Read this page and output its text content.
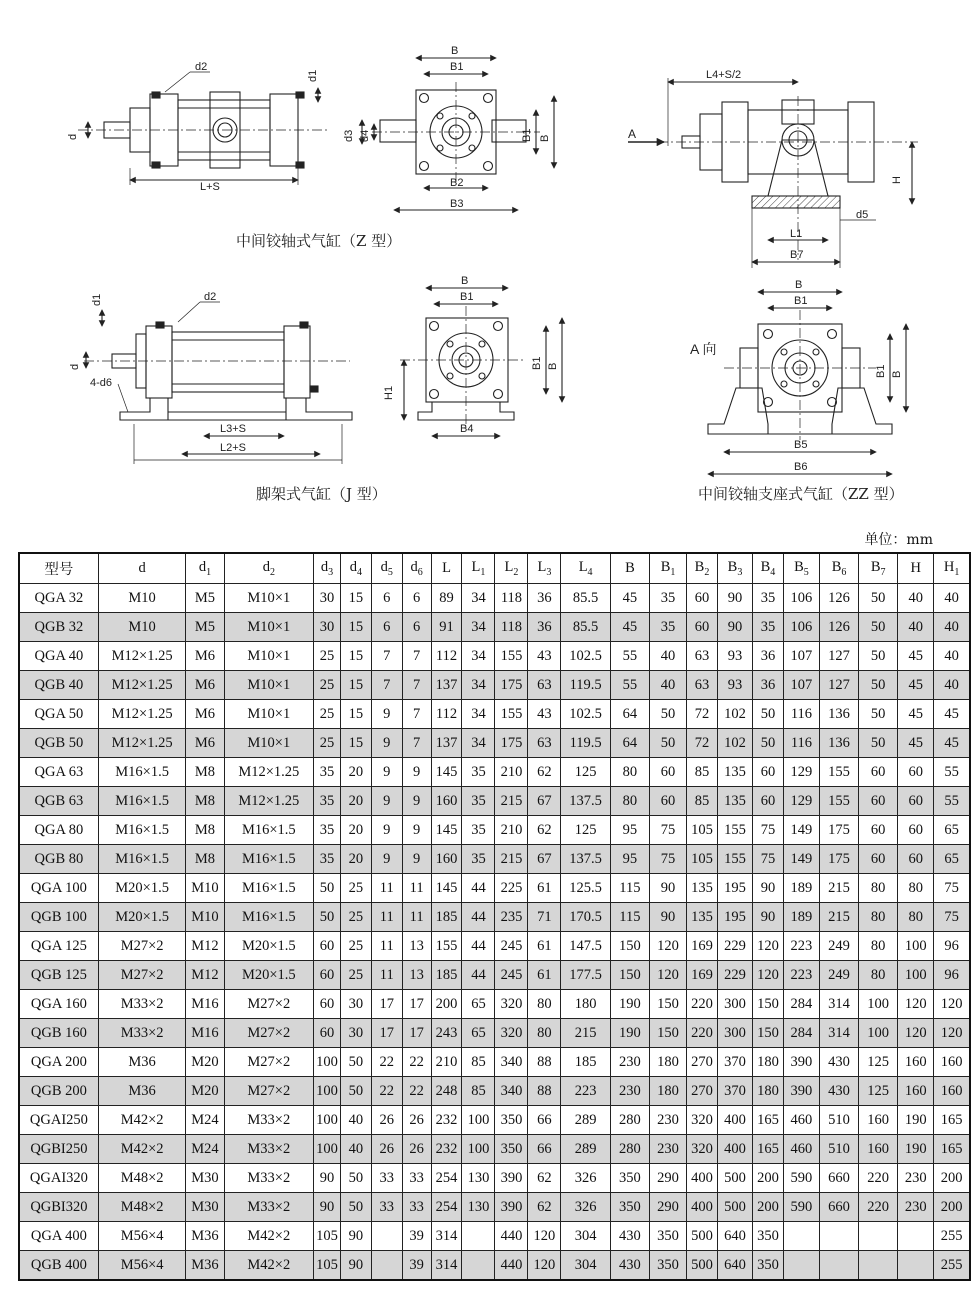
d2
d1
d
L+S
B
B1
B2
B3
B1 B
d3 d4
L4+S/2
A
H
d5
L1
B7
d2
d1
d
4-d6
L3+S
L2+S
B
B1
B4
B1 B
H1
B
B1
B5
B6
B1 B
A 向
中间铰轴式气缸（Z 型）
脚架式气缸（J 型）	中间铰轴支座式气缸（ZZ 型）
单位：mm
型号	d	$d_1$	$d_2$	$d_3$	$d_4$	$d_5$	$d_6$	L	$L_1$	$L_2$	$L_3$	$L_4$	B	$B_1$	$B_2$	$B_3$	$B_4$	$B_5$	$B_6$	$B_7$	H	$H_1$
QGA 32	M10	M5	M10×1	30	15	6	6	89	34	118	36	85.5	45	35	60	90	35	106	126	50	40	40
QGB 32	M10	M5	M10×1	30	15	6	6	91	34	118	36	85.5	45	35	60	90	35	106	126	50	40	40
QGA 40	M12×1.25	M6	M10×1	25	15	7	7	112	34	155	43	102.5	55	40	63	93	36	107	127	50	45	40
QGB 40	M12×1.25	M6	M10×1	25	15	7	7	137	34	175	63	119.5	55	40	63	93	36	107	127	50	45	40
QGA 50	M12×1.25	M6	M10×1	25	15	9	7	112	34	155	43	102.5	64	50	72	102	50	116	136	50	45	45
QGB 50	M12×1.25	M6	M10×1	25	15	9	7	137	34	175	63	119.5	64	50	72	102	50	116	136	50	45	45
QGA 63	M16×1.5	M8	M12×1.25	35	20	9	9	145	35	210	62	125	80	60	85	135	60	129	155	60	60	55
QGB 63	M16×1.5	M8	M12×1.25	35	20	9	9	160	35	215	67	137.5	80	60	85	135	60	129	155	60	60	55
QGA 80	M16×1.5	M8	M16×1.5	35	20	9	9	145	35	210	62	125	95	75	105	155	75	149	175	60	60	65
QGB 80	M16×1.5	M8	M16×1.5	35	20	9	9	160	35	215	67	137.5	95	75	105	155	75	149	175	60	60	65
QGA 100	M20×1.5	M10	M16×1.5	50	25	11	11	145	44	225	61	125.5	115	90	135	195	90	189	215	80	80	75
QGB 100	M20×1.5	M10	M16×1.5	50	25	11	11	185	44	235	71	170.5	115	90	135	195	90	189	215	80	80	75
QGA 125	M27×2	M12	M20×1.5	60	25	11	13	155	44	245	61	147.5	150	120	169	229	120	223	249	80	100	96
QGB 125	M27×2	M12	M20×1.5	60	25	11	13	185	44	245	61	177.5	150	120	169	229	120	223	249	80	100	96
QGA 160	M33×2	M16	M27×2	60	30	17	17	200	65	320	80	180	190	150	220	300	150	284	314	100	120	120
QGB 160	M33×2	M16	M27×2	60	30	17	17	243	65	320	80	215	190	150	220	300	150	284	314	100	120	120
QGA 200	M36	M20	M27×2	100	50	22	22	210	85	340	88	185	230	180	270	370	180	390	430	125	160	160
QGB 200	M36	M20	M27×2	100	50	22	22	248	85	340	88	223	230	180	270	370	180	390	430	125	160	160
QGAI250	M42×2	M24	M33×2	100	40	26	26	232	100	350	66	289	280	230	320	400	165	460	510	160	190	165
QGBI250	M42×2	M24	M33×2	100	40	26	26	232	100	350	66	289	280	230	320	400	165	460	510	160	190	165
QGAI320	M48×2	M30	M33×2	90	50	33	33	254	130	390	62	326	350	290	400	500	200	590	660	220	230	200
QGBI320	M48×2	M30	M33×2	90	50	33	33	254	130	390	62	326	350	290	400	500	200	590	660	220	230	200
QGA 400	M56×4	M36	M42×2	105	90		39	314		440	120	304	430	350	500	640	350					255
QGB 400	M56×4	M36	M42×2	105	90		39	314		440	120	304	430	350	500	640	350					255
